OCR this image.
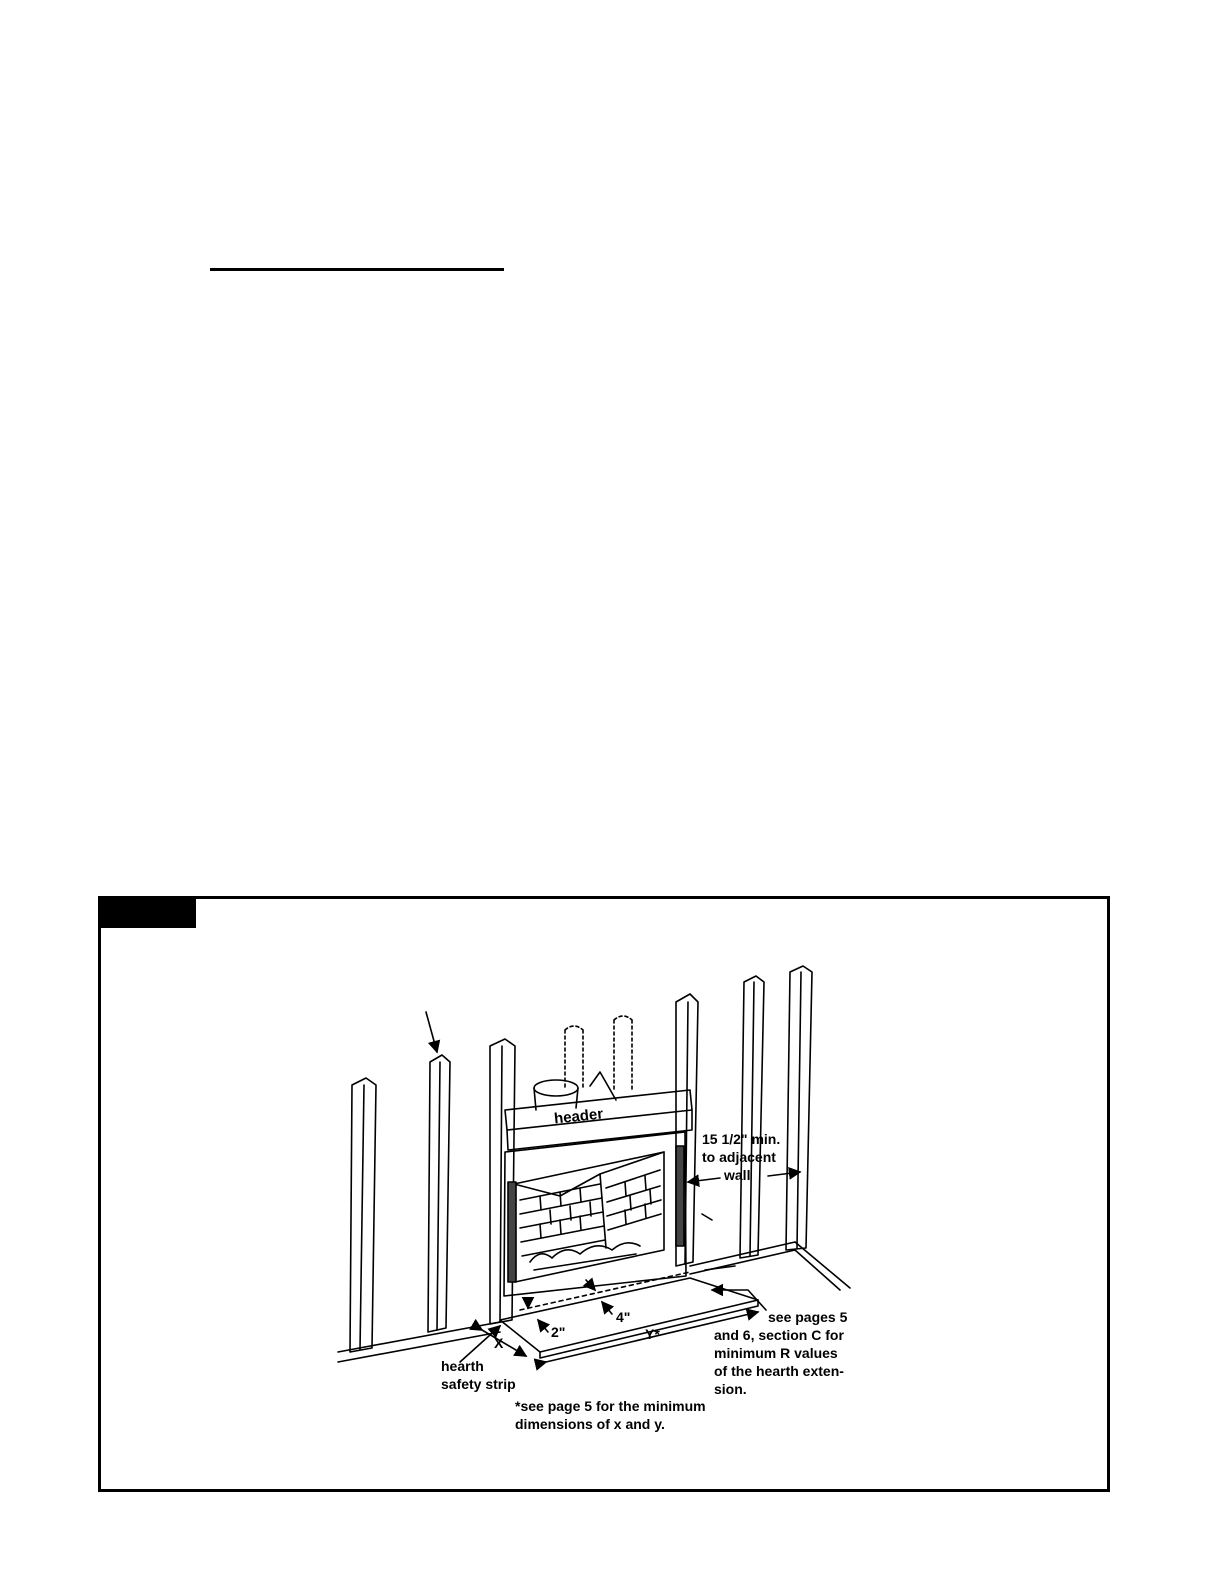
header
15 1/2" min.
to adjacent
wall
4"
2"	Y*
X
hearth
safety strip
see pages 5
and 6, section C for
minimum R values
of the hearth exten-
sion.
*see page 5 for the minimum
dimensions of x and y.
